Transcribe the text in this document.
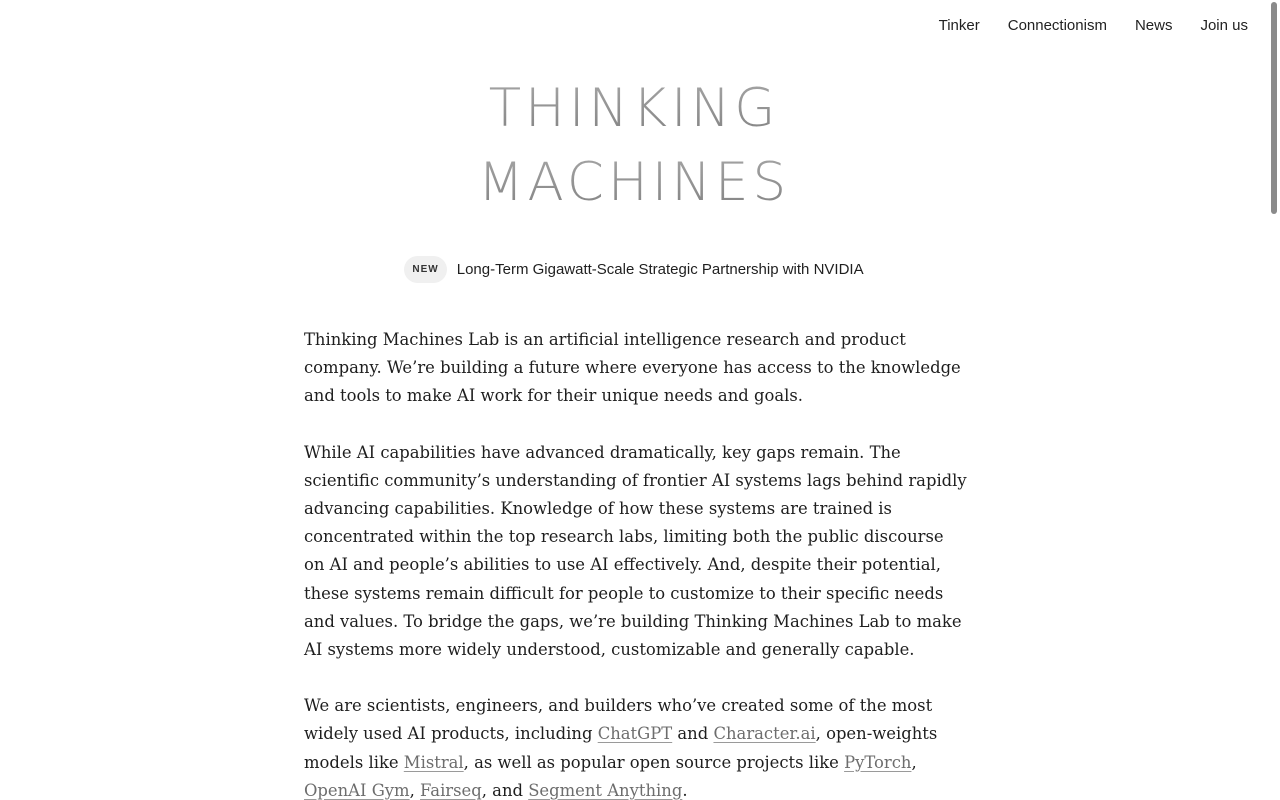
Tinker Connectionism News Join us
THINKING
MACHINES
NEW	Long-Term Gigawatt-Scale Strategic Partnership with NVIDIA

Thinking Machines Lab is an artificial intelligence research and product company. We’re building a future where everyone has access to the knowledge and tools to make AI work for their unique needs and goals.

While AI capabilities have advanced dramatically, key gaps remain. The scientific community’s understanding of frontier AI systems lags behind rapidly advancing capabilities. Knowledge of how these systems are trained is concentrated within the top research labs, limiting both the public discourse on AI and people’s abilities to use AI effectively. And, despite their potential, these systems remain difficult for people to customize to their specific needs and values. To bridge the gaps, we’re building Thinking Machines Lab to make AI systems more widely understood, customizable and generally capable.

We are scientists, engineers, and builders who’ve created some of the most widely used AI products, including ChatGPT and Character.ai, open-weights models like Mistral, as well as popular open source projects like PyTorch, OpenAI Gym, Fairseq, and Segment Anything.
